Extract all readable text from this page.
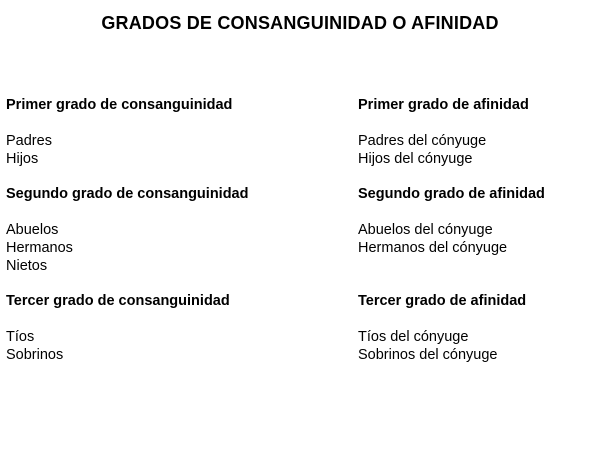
GRADOS DE CONSANGUINIDAD O AFINIDAD

Primer grado de consanguinidad

Padres
Hijos

Segundo grado de consanguinidad

Abuelos
Hermanos
Nietos

Tercer grado de consanguinidad

Tíos
Sobrinos

Primer grado de afinidad

Padres del cónyuge
Hijos del cónyuge

Segundo grado de afinidad

Abuelos del cónyuge
Hermanos del cónyuge

Tercer grado de afinidad

Tíos del cónyuge
Sobrinos del cónyuge
